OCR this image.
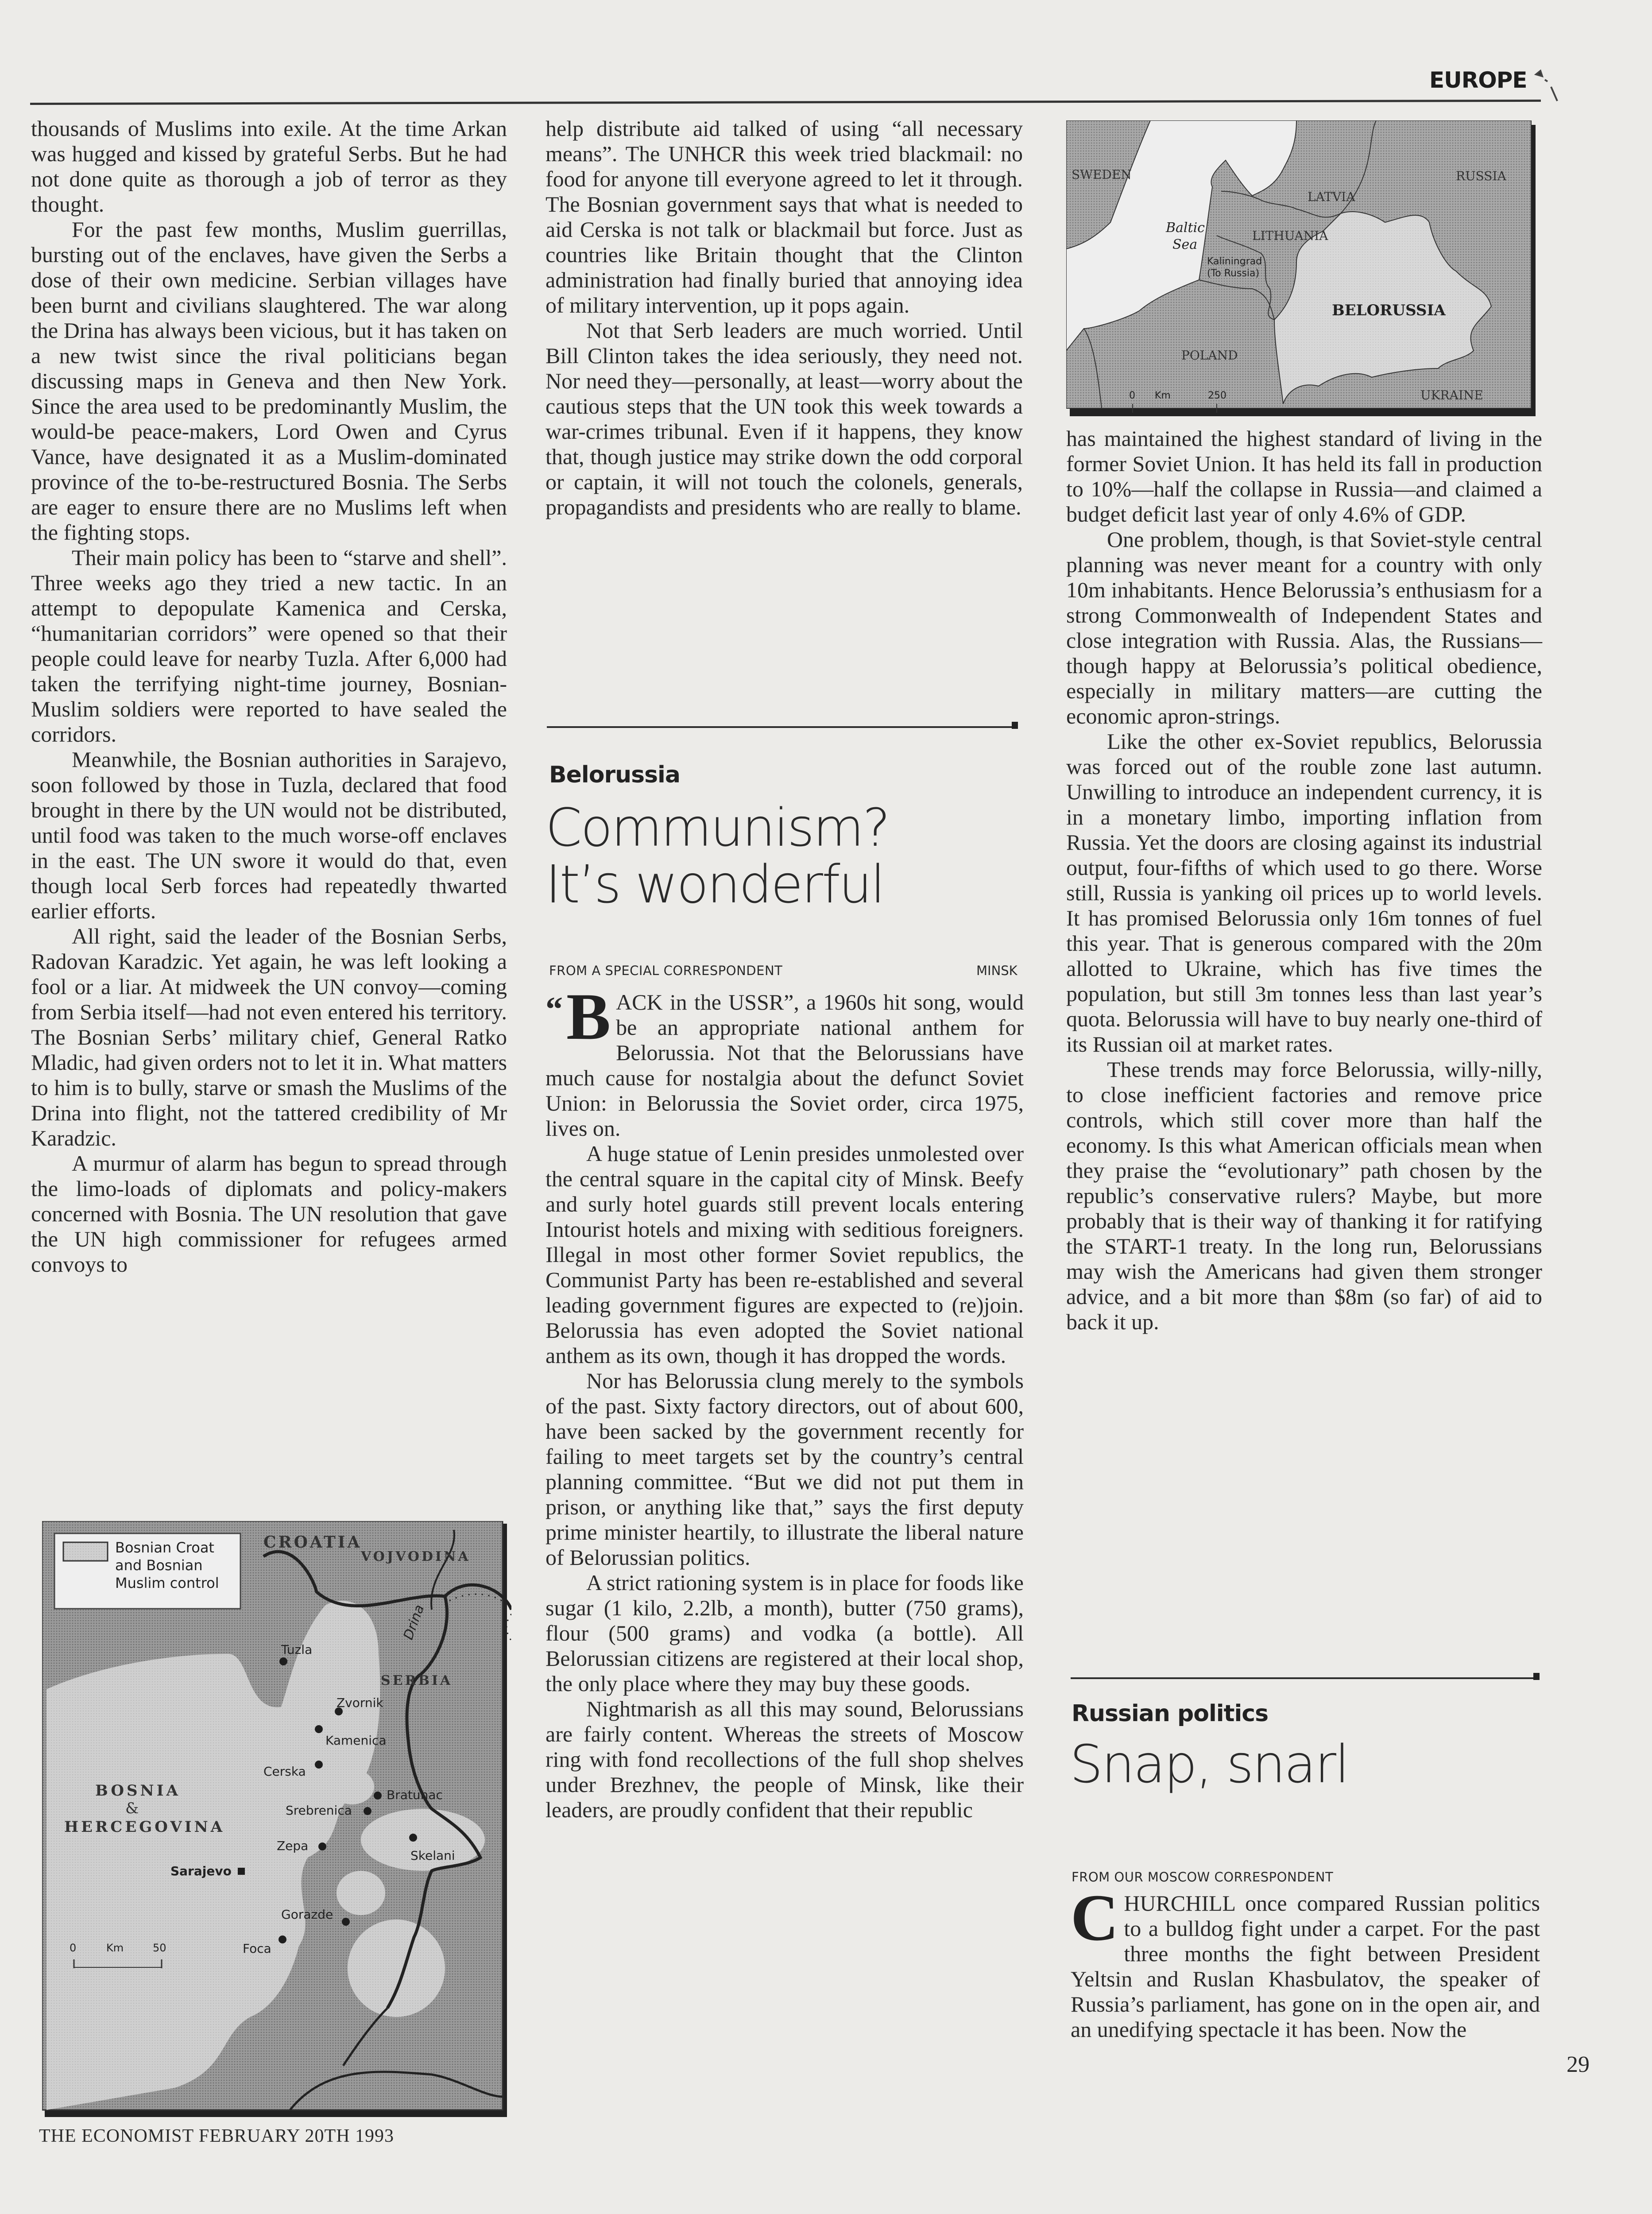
EUROPE

thousands of Muslims into exile. At the time Arkan was hugged and kissed by grateful Serbs. But he had not done quite as thorough a job of terror as they thought.

For the past few months, Muslim guerrillas, bursting out of the enclaves, have given the Serbs a dose of their own medicine. Serbian villages have been burnt and civilians slaughtered. The war along the Drina has always been vicious, but it has taken on a new twist since the rival politicians began discussing maps in Geneva and then New York. Since the area used to be predominantly Muslim, the would-be peace-makers, Lord Owen and Cyrus Vance, have designated it as a Muslim-dominated province of the to-be-restructured Bosnia. The Serbs are eager to ensure there are no Muslims left when the fighting stops.

Their main policy has been to “starve and shell”. Three weeks ago they tried a new tactic. In an attempt to depopulate Kamenica and Cerska, “humanitarian corridors” were opened so that their people could leave for nearby Tuzla. After 6,000 had taken the terrifying night-time journey, Bosnian-Muslim soldiers were reported to have sealed the corridors.

Meanwhile, the Bosnian authorities in Sarajevo, soon followed by those in Tuzla, declared that food brought in there by the UN would not be distributed, until food was taken to the much worse-off enclaves in the east. The UN swore it would do that, even though local Serb forces had repeatedly thwarted earlier efforts.

All right, said the leader of the Bosnian Serbs, Radovan Karadzic. Yet again, he was left looking a fool or a liar. At midweek the UN convoy—coming from Serbia itself—had not even entered his territory. The Bosnian Serbs’ military chief, General Ratko Mladic, had given orders not to let it in. What matters to him is to bully, starve or smash the Muslims of the Drina into flight, not the tattered credibility of Mr Karadzic.

A murmur of alarm has begun to spread through the limo-loads of diplomats and policy-makers concerned with Bosnia. The UN resolution that gave the UN high commissioner for refugees armed convoys to

Bosnian Croat and Bosnian Muslim control
CROATIA
VOJVODINA
SERBIA
BOSNIA
&
HERCEGOVINA
Drina
Tuzla
Zvornik
Kamenica
Cerska
Bratunac
Srebrenica
Zepa
Skelani
Sarajevo
Gorazde
Foca
0	Km	50

help distribute aid talked of using “all necessary means”. The UNHCR this week tried blackmail: no food for anyone till everyone agreed to let it through. The Bosnian government says that what is needed to aid Cerska is not talk or blackmail but force. Just as countries like Britain thought that the Clinton administration had finally buried that annoying idea of military intervention, up it pops again.

Not that Serb leaders are much worried. Until Bill Clinton takes the idea seriously, they need not. Nor need they—personally, at least—worry about the cautious steps that the UN took this week towards a war-crimes tribunal. Even if it happens, they know that, though justice may strike down the odd corporal or captain, it will not touch the colonels, generals, propagandists and presidents who are really to blame.

Belorussia
Communism?
It’s wonderful
FROM A SPECIAL CORRESPONDENT	MINSK

“ B ACK in the USSR”, a 1960s hit song, would be an appropriate national anthem for Belorussia. Not that the Belorussians have much cause for nostalgia about the defunct Soviet Union: in Belorussia the Soviet order, circa 1975, lives on.

A huge statue of Lenin presides unmolested over the central square in the capital city of Minsk. Beefy and surly hotel guards still prevent locals entering Intourist hotels and mixing with seditious foreigners. Illegal in most other former Soviet republics, the Communist Party has been re-established and several leading government figures are expected to (re)join. Belorussia has even adopted the Soviet national anthem as its own, though it has dropped the words.

Nor has Belorussia clung merely to the symbols of the past. Sixty factory directors, out of about 600, have been sacked by the government recently for failing to meet targets set by the country’s central planning committee. “But we did not put them in prison, or anything like that,” says the first deputy prime minister heartily, to illustrate the liberal nature of Belorussian politics.

A strict rationing system is in place for foods like sugar (1 kilo, 2.2lb, a month), butter (750 grams), flour (500 grams) and vodka (a bottle). All Belorussian citizens are registered at their local shop, the only place where they may buy these goods.

Nightmarish as all this may sound, Belorussians are fairly content. Whereas the streets of Moscow ring with fond recollections of the full shop shelves under Brezhnev, the people of Minsk, like their leaders, are proudly confident that their republic

SWEDEN
LATVIA
RUSSIA
LITHUANIA
BELORUSSIA
POLAND
UKRAINE
Baltic
Sea
Kaliningrad
(To Russia)
0 Km	250

has maintained the highest standard of living in the former Soviet Union. It has held its fall in production to 10%—half the collapse in Russia—and claimed a budget deficit last year of only 4.6% of GDP.

One problem, though, is that Soviet-style central planning was never meant for a country with only 10m inhabitants. Hence Belorussia’s enthusiasm for a strong Commonwealth of Independent States and close integration with Russia. Alas, the Russians—though happy at Belorussia’s political obedience, especially in military matters—are cutting the economic apron-strings.

Like the other ex-Soviet republics, Belorussia was forced out of the rouble zone last autumn. Unwilling to introduce an independent currency, it is in a monetary limbo, importing inflation from Russia. Yet the doors are closing against its industrial output, four-fifths of which used to go there. Worse still, Russia is yanking oil prices up to world levels. It has promised Belorussia only 16m tonnes of fuel this year. That is generous compared with the 20m allotted to Ukraine, which has five times the population, but still 3m tonnes less than last year’s quota. Belorussia will have to buy nearly one-third of its Russian oil at market rates.

These trends may force Belorussia, willy-nilly, to close inefficient factories and remove price controls, which still cover more than half the economy. Is this what American officials mean when they praise the “evolutionary” path chosen by the republic’s conservative rulers? Maybe, but more probably that is their way of thanking it for ratifying the START-1 treaty. In the long run, Belorussians may wish the Americans had given them stronger advice, and a bit more than $8m (so far) of aid to back it up.

Russian politics
Snap, snarl
FROM OUR MOSCOW CORRESPONDENT

CHURCHILL once compared Russian politics to a bulldog fight under a carpet. For the past three months the fight between President Yeltsin and Ruslan Khasbulatov, the speaker of Russia’s parliament, has gone on in the open air, and an unedifying spectacle it has been. Now the

29
THE ECONOMIST FEBRUARY 20TH 1993
